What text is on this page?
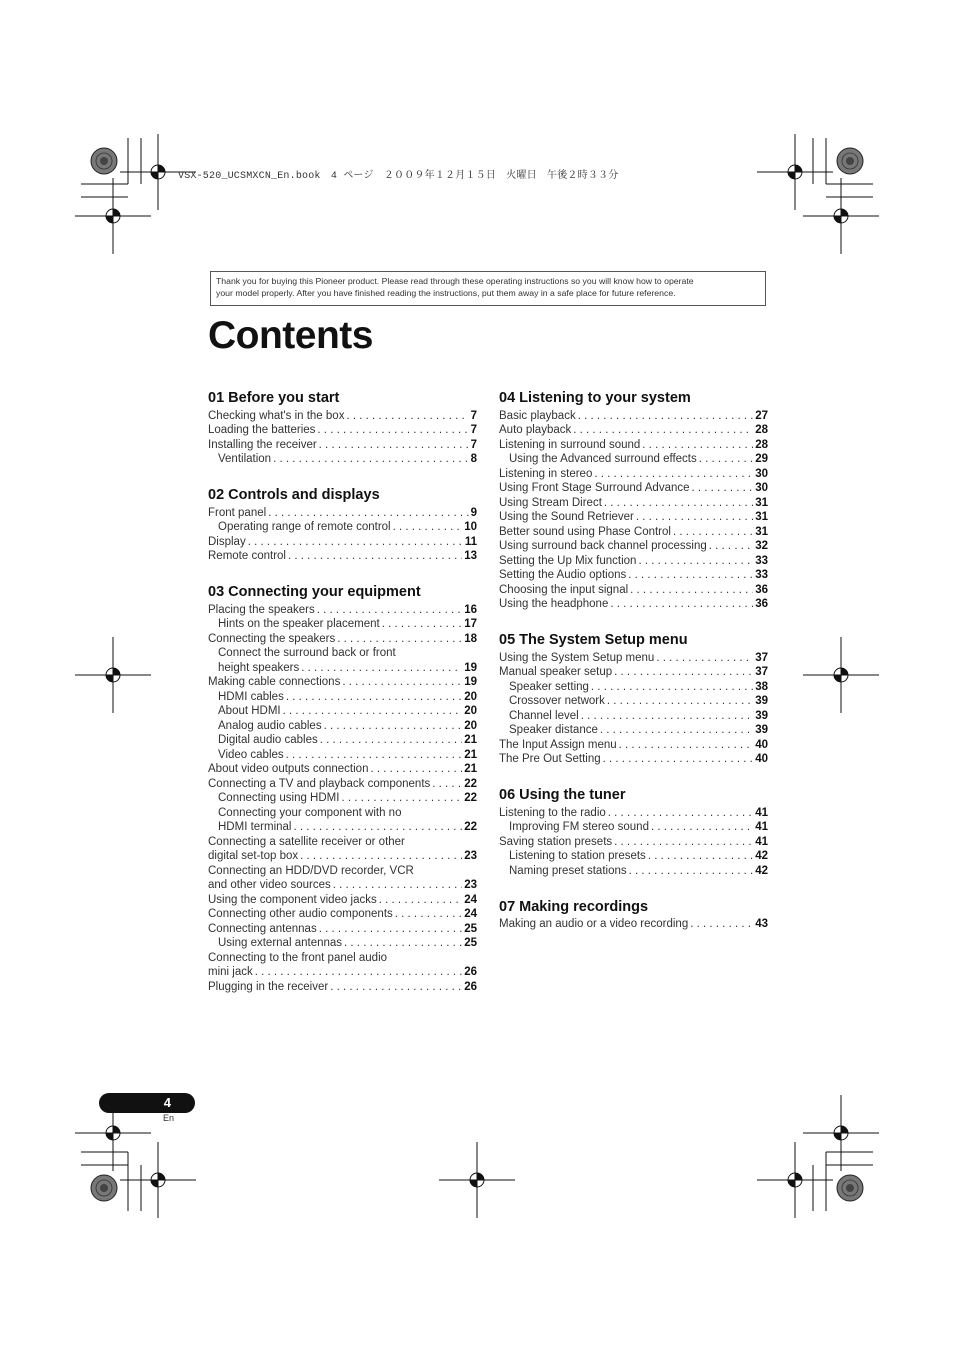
VSX-520_UCSMXCN_En.book　4 ページ　２００９年１２月１５日　火曜日　午後２時３３分
Thank you for buying this Pioneer product. Please read through these operating instructions so you will know how to operate
your model properly. After you have finished reading the instructions, put them away in a safe place for future reference.
Contents
01 Before you start
Checking what's in the box . . .	7
Loading the batteries . . .	7
Installing the receiver . . .	7
Ventilation . . .	8
02 Controls and displays
Front panel . . .	9
Operating range of remote control . . .	10
Display . . .	11
Remote control . . .	13
03 Connecting your equipment
Placing the speakers . . .	16
Hints on the speaker placement . . .	17
Connecting the speakers . . .	18
Connect the surround back or front
height speakers . . .	19
Making cable connections . . .	19
HDMI cables . . .	20
About HDMI . . .	20
Analog audio cables . . .	20
Digital audio cables . . .	21
Video cables . . .	21
About video outputs connection . . .	21
Connecting a TV and playback components . . .	22
Connecting using HDMI . . .	22
Connecting your component with no
HDMI terminal . . .	22
Connecting a satellite receiver or other
digital set-top box . . .	23
Connecting an HDD/DVD recorder, VCR
and other video sources . . .	23
Using the component video jacks . . .	24
Connecting other audio components . . .	24
Connecting antennas . . .	25
Using external antennas . . .	25
Connecting to the front panel audio
mini jack . . .	26
Plugging in the receiver . . .	26
04 Listening to your system
Basic playback . . .	27
Auto playback . . .	28
Listening in surround sound . . .	28
Using the Advanced surround effects . . .	29
Listening in stereo . . .	30
Using Front Stage Surround Advance . . .	30
Using Stream Direct . . .	31
Using the Sound Retriever . . .	31
Better sound using Phase Control . . .	31
Using surround back channel processing . . .	32
Setting the Up Mix function . . .	33
Setting the Audio options . . .	33
Choosing the input signal . . .	36
Using the headphone . . .	36
05 The System Setup menu
Using the System Setup menu . . .	37
Manual speaker setup . . .	37
Speaker setting . . .	38
Crossover network . . .	39
Channel level . . .	39
Speaker distance . . .	39
The Input Assign menu . . .	40
The Pre Out Setting . . .	40
06 Using the tuner
Listening to the radio . . .	41
Improving FM stereo sound . . .	41
Saving station presets . . .	41
Listening to station presets . . .	42
Naming preset stations . . .	42
07 Making recordings
Making an audio or a video recording . . .	43
4
En
